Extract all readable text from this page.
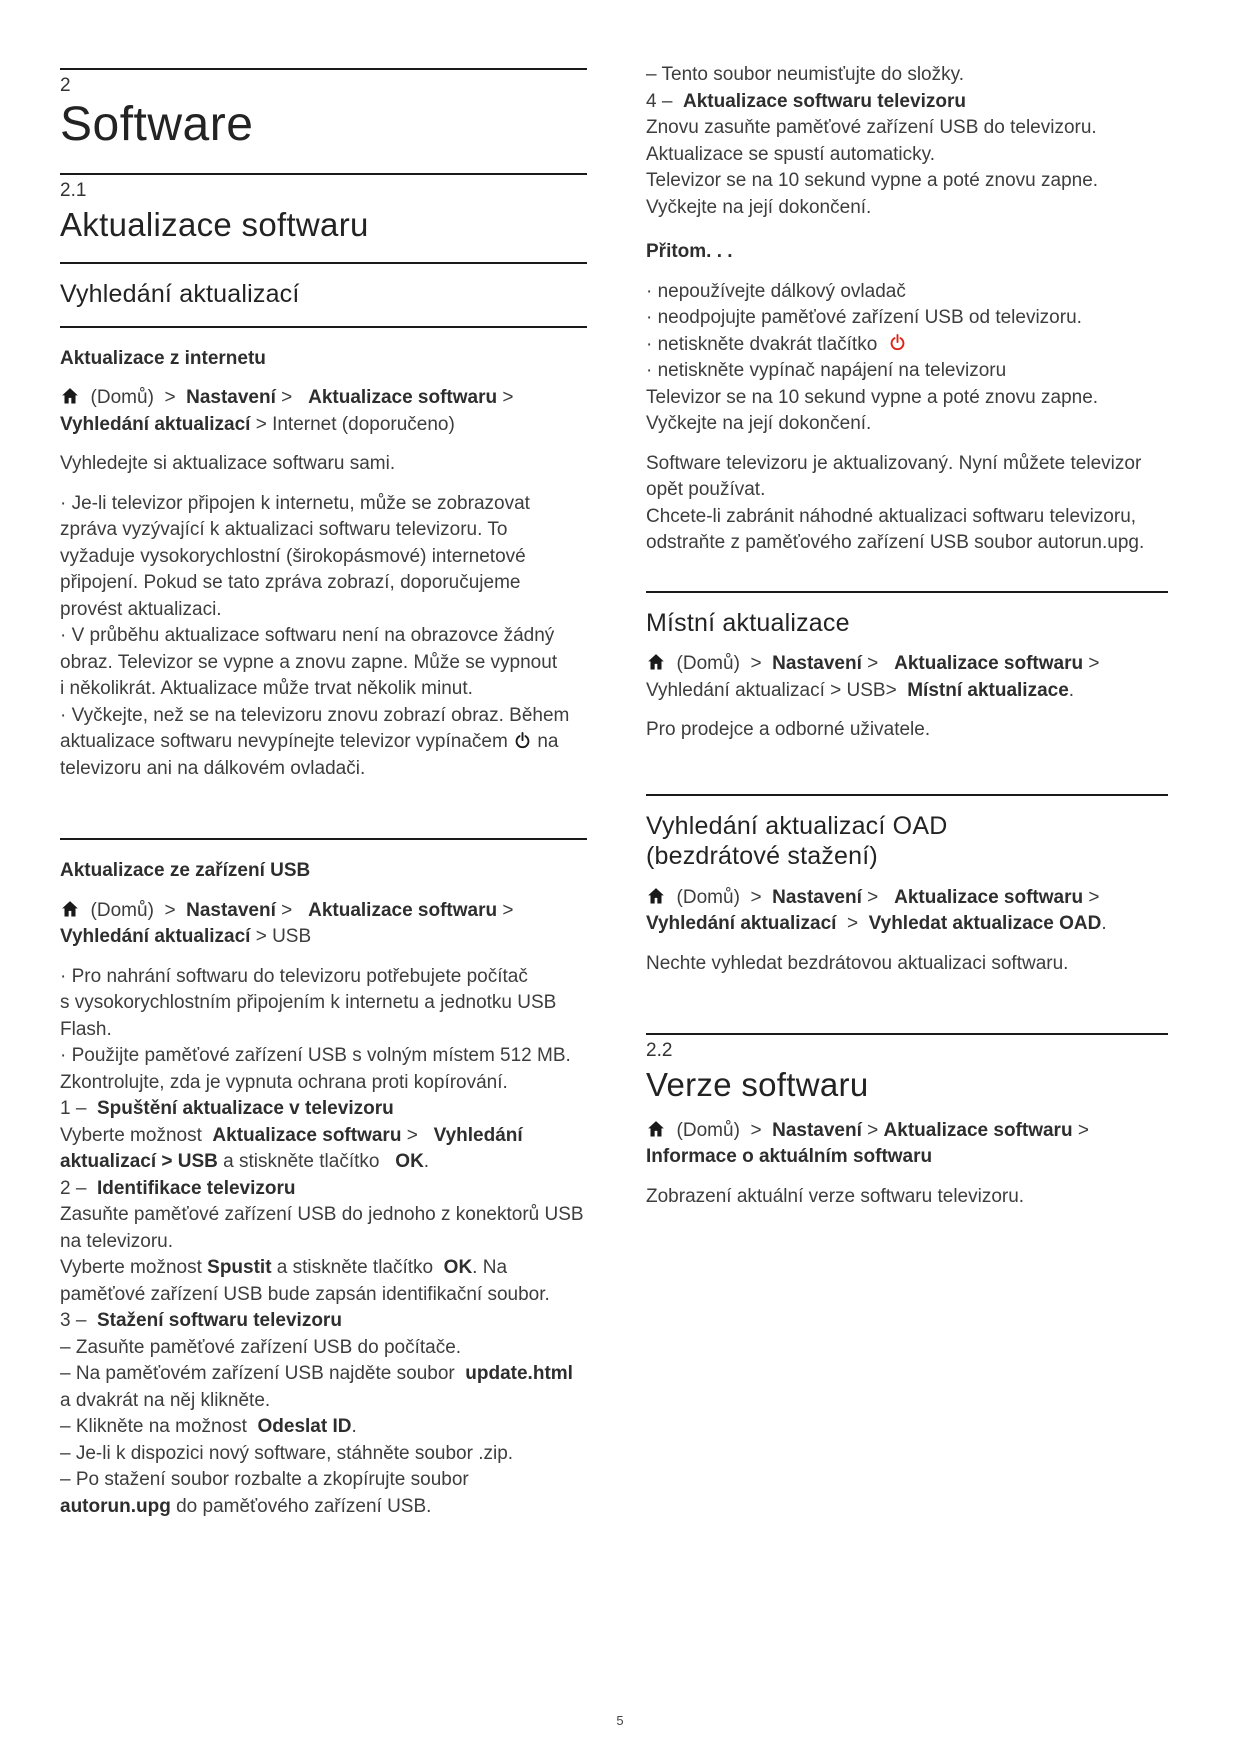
2
Software
2.1
Aktualizace softwaru
Vyhledání aktualizací
Aktualizace z internetu
(Domů)  >  Nastavení >   Aktualizace softwaru > Vyhledání aktualizací > Internet (doporučeno)
Vyhledejte si aktualizace softwaru sami.
· Je-li televizor připojen k internetu, může se zobrazovat zpráva vyzývající k aktualizaci softwaru televizoru. To vyžaduje vysokorychlostní (širokopásmové) internetové připojení. Pokud se tato zpráva zobrazí, doporučujeme provést aktualizaci.
· V průběhu aktualizace softwaru není na obrazovce žádný obraz. Televizor se vypne a znovu zapne. Může se vypnout i několikrát. Aktualizace může trvat několik minut.
· Vyčkejte, než se na televizoru znovu zobrazí obraz. Během aktualizace softwaru nevypínejte televizor vypínačem  na televizoru ani na dálkovém ovladači.
Aktualizace ze zařízení USB
(Domů)  >  Nastavení >   Aktualizace softwaru > Vyhledání aktualizací > USB
· Pro nahrání softwaru do televizoru potřebujete počítač s vysokorychlostním připojením k internetu a jednotku USB Flash.
· Použijte paměťové zařízení USB s volným místem 512 MB. Zkontrolujte, zda je vypnuta ochrana proti kopírování.
1 –  Spuštění aktualizace v televizoru
Vyberte možnost  Aktualizace softwaru >   Vyhledání aktualizací > USB a stiskněte tlačítko   OK.
2 –  Identifikace televizoru
Zasuňte paměťové zařízení USB do jednoho z konektorů USB na televizoru.
Vyberte možnost Spustit a stiskněte tlačítko  OK. Na paměťové zařízení USB bude zapsán identifikační soubor.
3 –  Stažení softwaru televizoru
– Zasuňte paměťové zařízení USB do počítače.
– Na paměťovém zařízení USB najděte soubor  update.html a dvakrát na něj klikněte.
– Klikněte na možnost  Odeslat ID.
– Je-li k dispozici nový software, stáhněte soubor .zip.
– Po stažení soubor rozbalte a zkopírujte soubor  autorun.upg do paměťového zařízení USB.
– Tento soubor neumisťujte do složky.
4 –  Aktualizace softwaru televizoru
Znovu zasuňte paměťové zařízení USB do televizoru.
Aktualizace se spustí automaticky.
Televizor se na 10 sekund vypne a poté znovu zapne. Vyčkejte na její dokončení.
Přitom. . .
· nepoužívejte dálkový ovladač
· neodpojujte paměťové zařízení USB od televizoru.
· netiskněte dvakrát tlačítko
· netiskněte vypínač napájení na televizoru
Televizor se na 10 sekund vypne a poté znovu zapne. Vyčkejte na její dokončení.
Software televizoru je aktualizovaný. Nyní můžete televizor opět používat.
Chcete-li zabránit náhodné aktualizaci softwaru televizoru, odstraňte z paměťového zařízení USB soubor autorun.upg.
Místní aktualizace
(Domů)  >  Nastavení >   Aktualizace softwaru > Vyhledání aktualizací > USB>  Místní aktualizace.
Pro prodejce a odborné uživatele.
Vyhledání aktualizací OAD
(bezdrátové stažení)
(Domů)  >  Nastavení >   Aktualizace softwaru >   Vyhledání aktualizací  >  Vyhledat aktualizace OAD.
Nechte vyhledat bezdrátovou aktualizaci softwaru.
2.2
Verze softwaru
(Domů)  >  Nastavení > Aktualizace softwaru >   Informace o aktuálním softwaru
Zobrazení aktuální verze softwaru televizoru.
5
